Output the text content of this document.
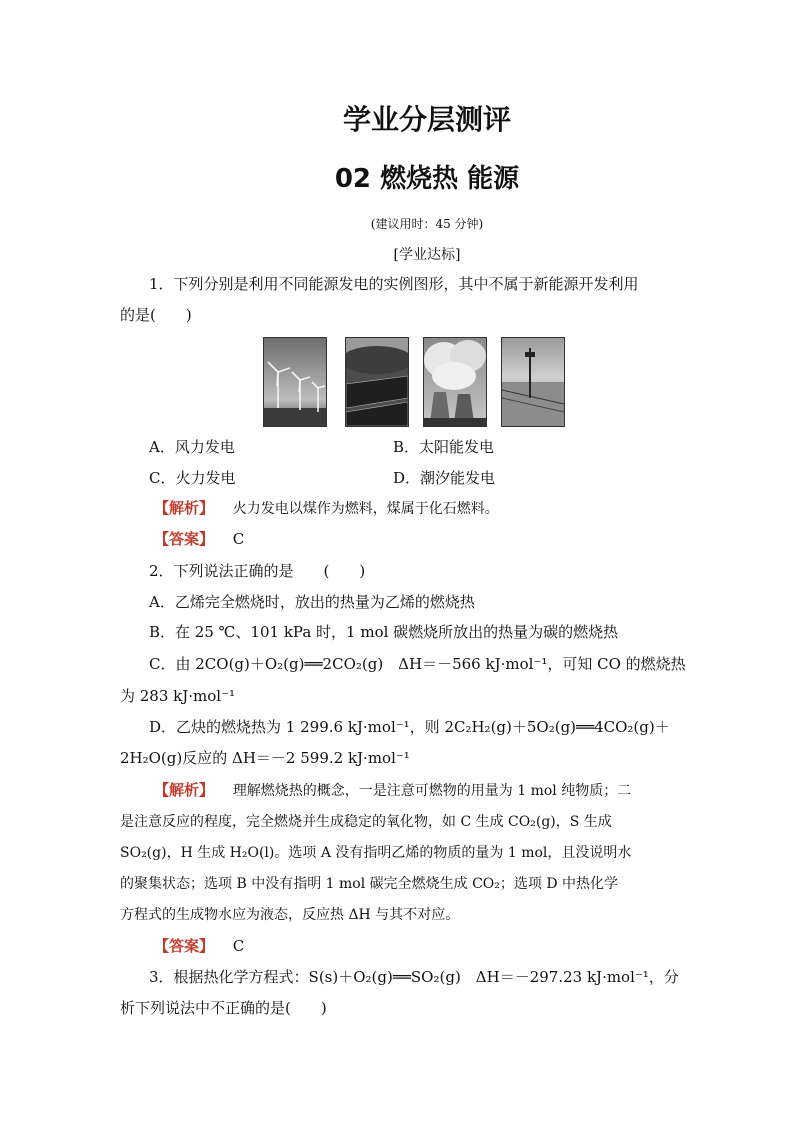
学业分层测评
02 燃烧热 能源
(建议用时：45 分钟)
[学业达标]
1．下列分别是利用不同能源发电的实例图形，其中不属于新能源开发利用
的是(　　)
A．风力发电	B．太阳能发电
C．火力发电	D．潮汐能发电
【解析】 火力发电以煤作为燃料，煤属于化石燃料。
【答案】 C
2．下列说法正确的是　　(　　)
A．乙烯完全燃烧时，放出的热量为乙烯的燃烧热
B．在 25 ℃、101 kPa 时，1 mol 碳燃烧所放出的热量为碳的燃烧热
C．由 2CO(g)＋O₂(g)══2CO₂(g)　ΔH＝－566 kJ·mol⁻¹，可知 CO 的燃烧热
为 283 kJ·mol⁻¹
D．乙炔的燃烧热为 1 299.6 kJ·mol⁻¹，则 2C₂H₂(g)＋5O₂(g)══4CO₂(g)＋
2H₂O(g)反应的 ΔH＝－2 599.2 kJ·mol⁻¹
【解析】 理解燃烧热的概念，一是注意可燃物的用量为 1 mol 纯物质；二
是注意反应的程度，完全燃烧并生成稳定的氧化物，如 C 生成 CO₂(g)，S 生成
SO₂(g)，H 生成 H₂O(l)。选项 A 没有指明乙烯的物质的量为 1 mol，且没说明水
的聚集状态；选项 B 中没有指明 1 mol 碳完全燃烧生成 CO₂；选项 D 中热化学
方程式的生成物水应为液态，反应热 ΔH 与其不对应。
【答案】 C
3．根据热化学方程式：S(s)＋O₂(g)══SO₂(g)　ΔH＝－297.23 kJ·mol⁻¹，分
析下列说法中不正确的是(　　)
